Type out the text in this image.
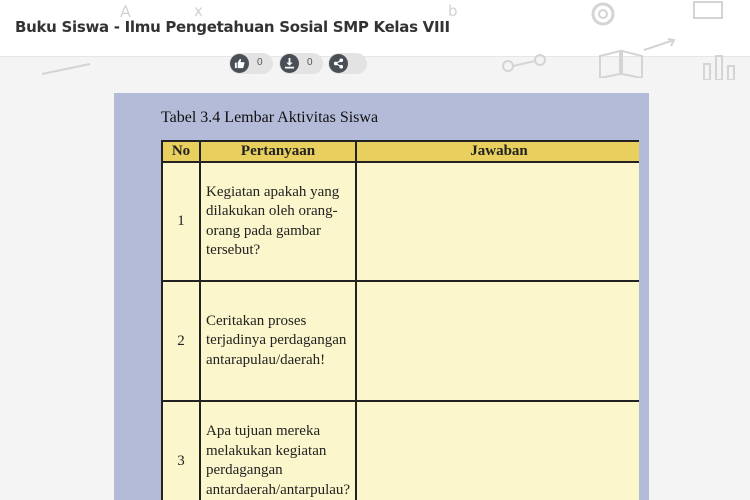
A	x	b
Buku Siswa - Ilmu Pengetahuan Sosial SMP Kelas VIII
0	0
Tabel 3.4 Lembar Aktivitas Siswa
No	Pertanyaan	Jawaban
1	Kegiatan apakah yang dilakukan oleh orang-orang pada gambar tersebut?	
2	Ceritakan proses terjadinya perdagangan antarapulau/daerah!	
3	Apa tujuan mereka melakukan kegiatan perdagangan antardaerah/antarpulau?	
